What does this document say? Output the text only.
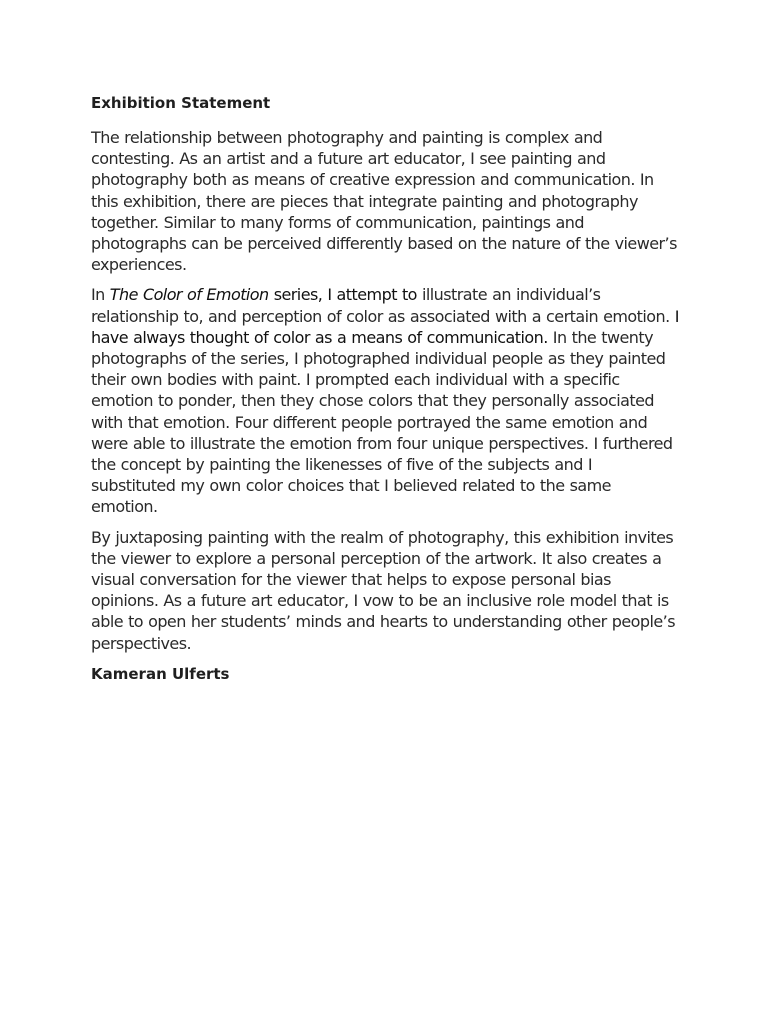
Exhibition Statement

The relationship between photography and painting is complex and contesting. As an artist and a future art educator, I see painting and photography both as means of creative expression and communication. In this exhibition, there are pieces that integrate painting and photography together. Similar to many forms of communication, paintings and photographs can be perceived differently based on the nature of the viewer’s experiences.

In The Color of Emotion series, I attempt to illustrate an individual’s relationship to, and perception of color as associated with a certain emotion. I have always thought of color as a means of communication. In the twenty photographs of the series, I photographed individual people as they painted their own bodies with paint. I prompted each individual with a specific emotion to ponder, then they chose colors that they personally associated with that emotion. Four different people portrayed the same emotion and were able to illustrate the emotion from four unique perspectives. I furthered the concept by painting the likenesses of five of the subjects and I substituted my own color choices that I believed related to the same emotion.

By juxtaposing painting with the realm of photography, this exhibition invites the viewer to explore a personal perception of the artwork. It also creates a visual conversation for the viewer that helps to expose personal bias opinions. As a future art educator, I vow to be an inclusive role model that is able to open her students’ minds and hearts to understanding other people’s perspectives.

Kameran Ulferts
